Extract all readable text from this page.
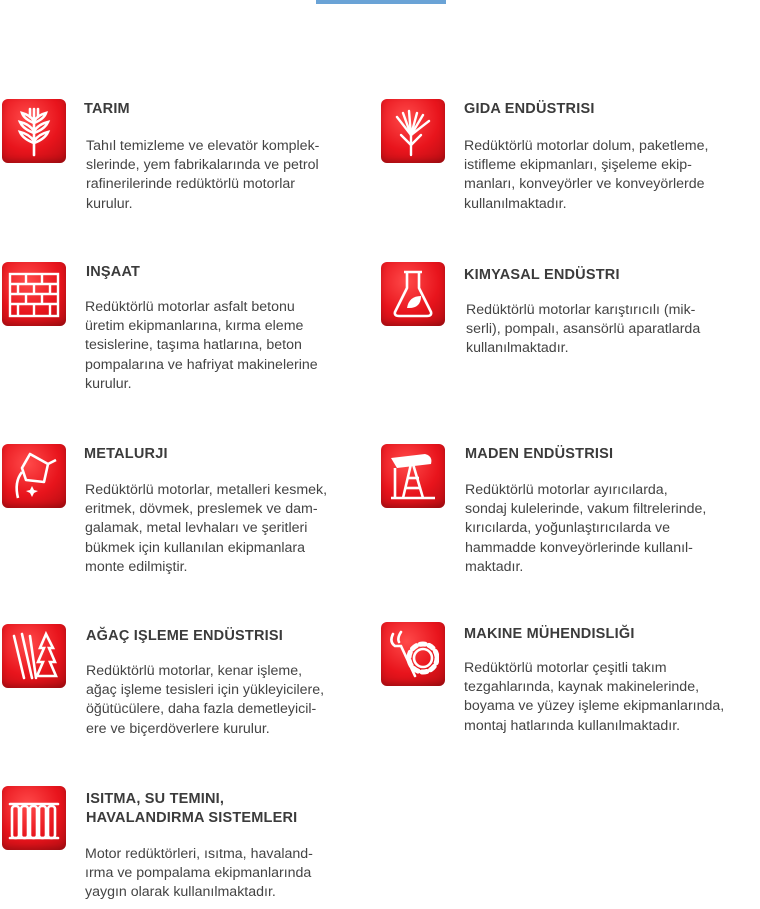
TARIM
Tahıl temizleme ve elevatör komplek-
slerinde, yem fabrikalarında ve petrol
rafinerilerinde redüktörlü motorlar
kurulur.
GIDA ENDÜSTRISI
Redüktörlü motorlar dolum, paketleme,
istifleme ekipmanları, şişeleme ekip-
manları, konveyörler ve konveyörlerde
kullanılmaktadır.
INŞAAT
Redüktörlü motorlar asfalt betonu
üretim ekipmanlarına, kırma eleme
tesislerine, taşıma hatlarına, beton
pompalarına ve hafriyat makinelerine
kurulur.
KIMYASAL ENDÜSTRI
Redüktörlü motorlar karıştırıcılı (mik-
serli), pompalı, asansörlü aparatlarda
kullanılmaktadır.
METALURJI
Redüktörlü motorlar, metalleri kesmek,
eritmek, dövmek, preslemek ve dam-
galamak, metal levhaları ve şeritleri
bükmek için kullanılan ekipmanlara
monte edilmiştir.
MADEN ENDÜSTRISI
Redüktörlü motorlar ayırıcılarda,
sondaj kulelerinde, vakum filtrelerinde,
kırıcılarda, yoğunlaştırıcılarda ve
hammadde konveyörlerinde kullanıl-
maktadır.
AĞAÇ IŞLEME ENDÜSTRISI
Redüktörlü motorlar, kenar işleme,
ağaç işleme tesisleri için yükleyicilere,
öğütücülere, daha fazla demetleyicil-
ere ve biçerdöverlere kurulur.
MAKINE MÜHENDISLIĞI
Redüktörlü motorlar çeşitli takım
tezgahlarında, kaynak makinelerinde,
boyama ve yüzey işleme ekipmanlarında,
montaj hatlarında kullanılmaktadır.
ISITMA, SU TEMINI,
HAVALANDIRMA SISTEMLERI
Motor redüktörleri, ısıtma, havaland-
ırma ve pompalama ekipmanlarında
yaygın olarak kullanılmaktadır.
